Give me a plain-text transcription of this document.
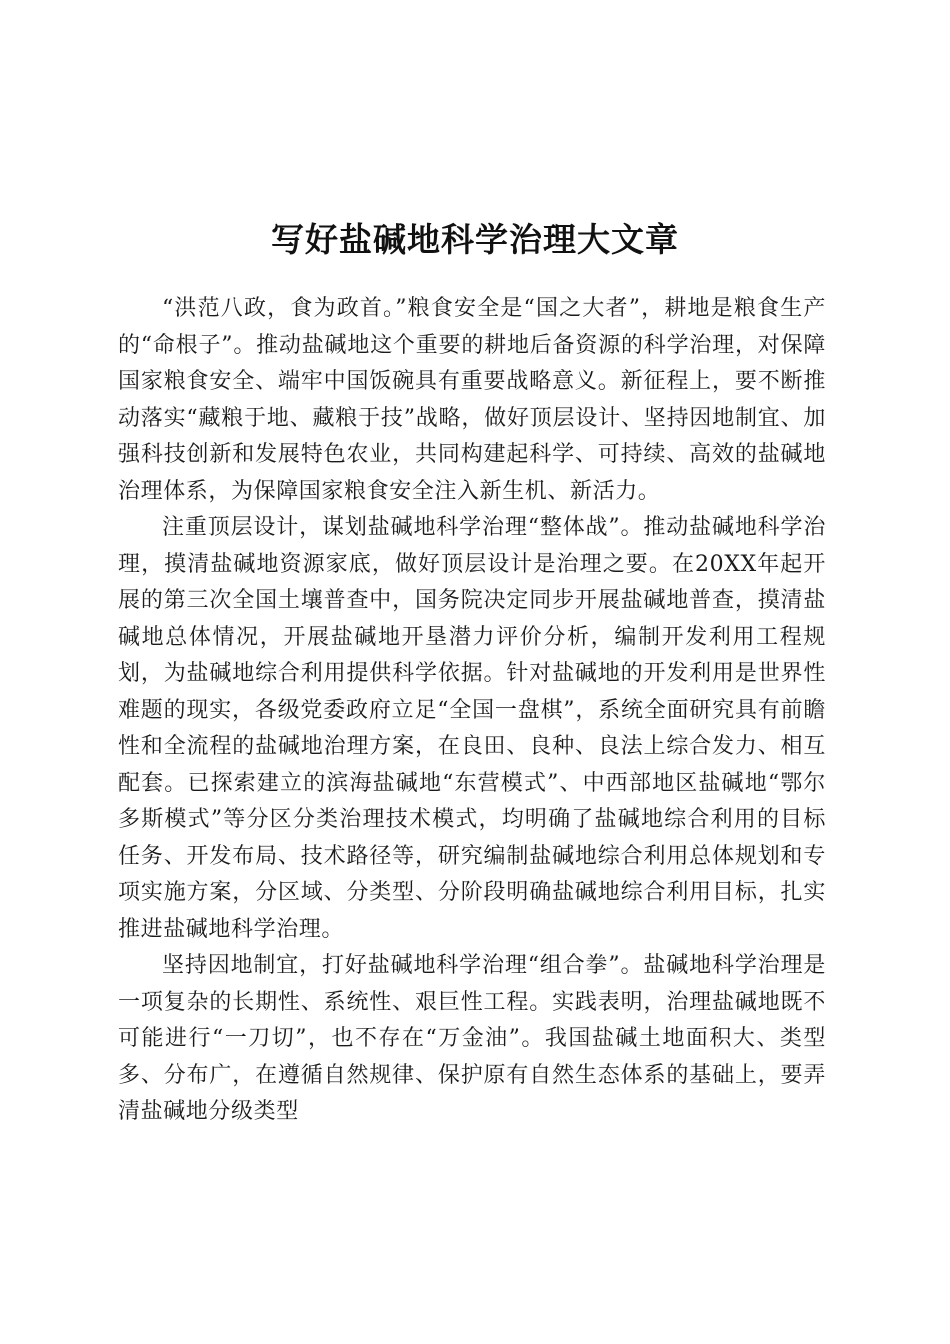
写好盐碱地科学治理大文章

“洪范八政，食为政首。”粮食安全是“国之大者”，耕地是粮食生产的“命根子”。推动盐碱地这个重要的耕地后备资源的科学治理，对保障国家粮食安全、端牢中国饭碗具有重要战略意义。新征程上，要不断推动落实“藏粮于地、藏粮于技”战略，做好顶层设计、坚持因地制宜、加强科技创新和发展特色农业，共同构建起科学、可持续、高效的盐碱地治理体系，为保障国家粮食安全注入新生机、新活力。

注重顶层设计，谋划盐碱地科学治理“整体战”。推动盐碱地科学治理，摸清盐碱地资源家底，做好顶层设计是治理之要。在20XX年起开展的第三次全国土壤普查中，国务院决定同步开展盐碱地普查，摸清盐碱地总体情况，开展盐碱地开垦潜力评价分析，编制开发利用工程规划，为盐碱地综合利用提供科学依据。针对盐碱地的开发利用是世界性难题的现实，各级党委政府立足“全国一盘棋”，系统全面研究具有前瞻性和全流程的盐碱地治理方案，在良田、良种、良法上综合发力、相互配套。已探索建立的滨海盐碱地“东营模式”、中西部地区盐碱地“鄂尔多斯模式”等分区分类治理技术模式，均明确了盐碱地综合利用的目标任务、开发布局、技术路径等，研究编制盐碱地综合利用总体规划和专项实施方案，分区域、分类型、分阶段明确盐碱地综合利用目标，扎实推进盐碱地科学治理。

坚持因地制宜，打好盐碱地科学治理“组合拳”。盐碱地科学治理是一项复杂的长期性、系统性、艰巨性工程。实践表明，治理盐碱地既不可能进行“一刀切”，也不存在“万金油”。我国盐碱土地面积大、类型多、分布广，在遵循自然规律、保护原有自然生态体系的基础上，要弄清盐碱地分级类型
